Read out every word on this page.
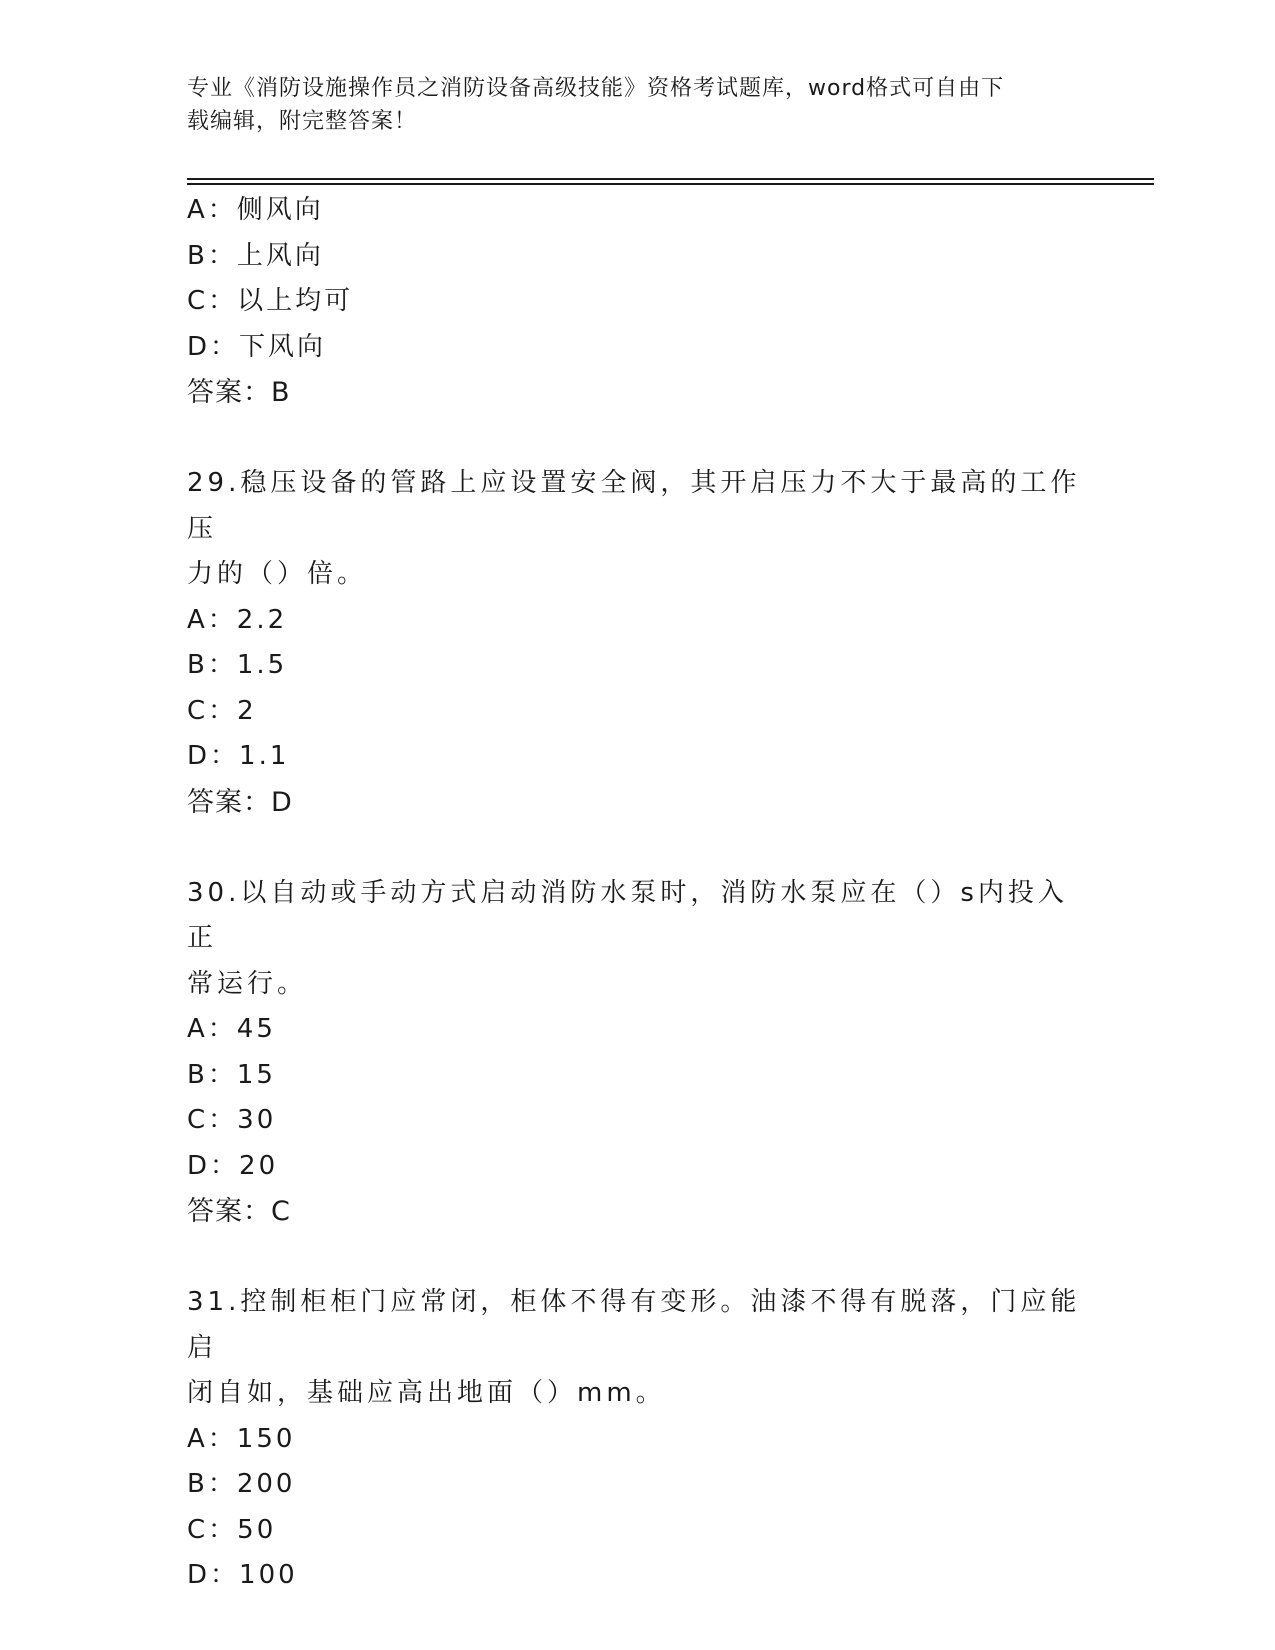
专业《消防设施操作员之消防设备高级技能》资格考试题库，word格式可自由下
载编辑，附完整答案！
A：侧风向
B：上风向
C：以上均可
D：下风向
答案：B
29.稳压设备的管路上应设置安全阀，其开启压力不大于最高的工作压
力的（）倍。
A：2.2
B：1.5
C：2
D：1.1
答案：D
30.以自动或手动方式启动消防水泵时，消防水泵应在（）s内投入正
常运行。
A：45
B：15
C：30
D：20
答案：C
31.控制柜柜门应常闭，柜体不得有变形。油漆不得有脱落，门应能启
闭自如，基础应高出地面（）mm。
A：150
B：200
C：50
D：100
